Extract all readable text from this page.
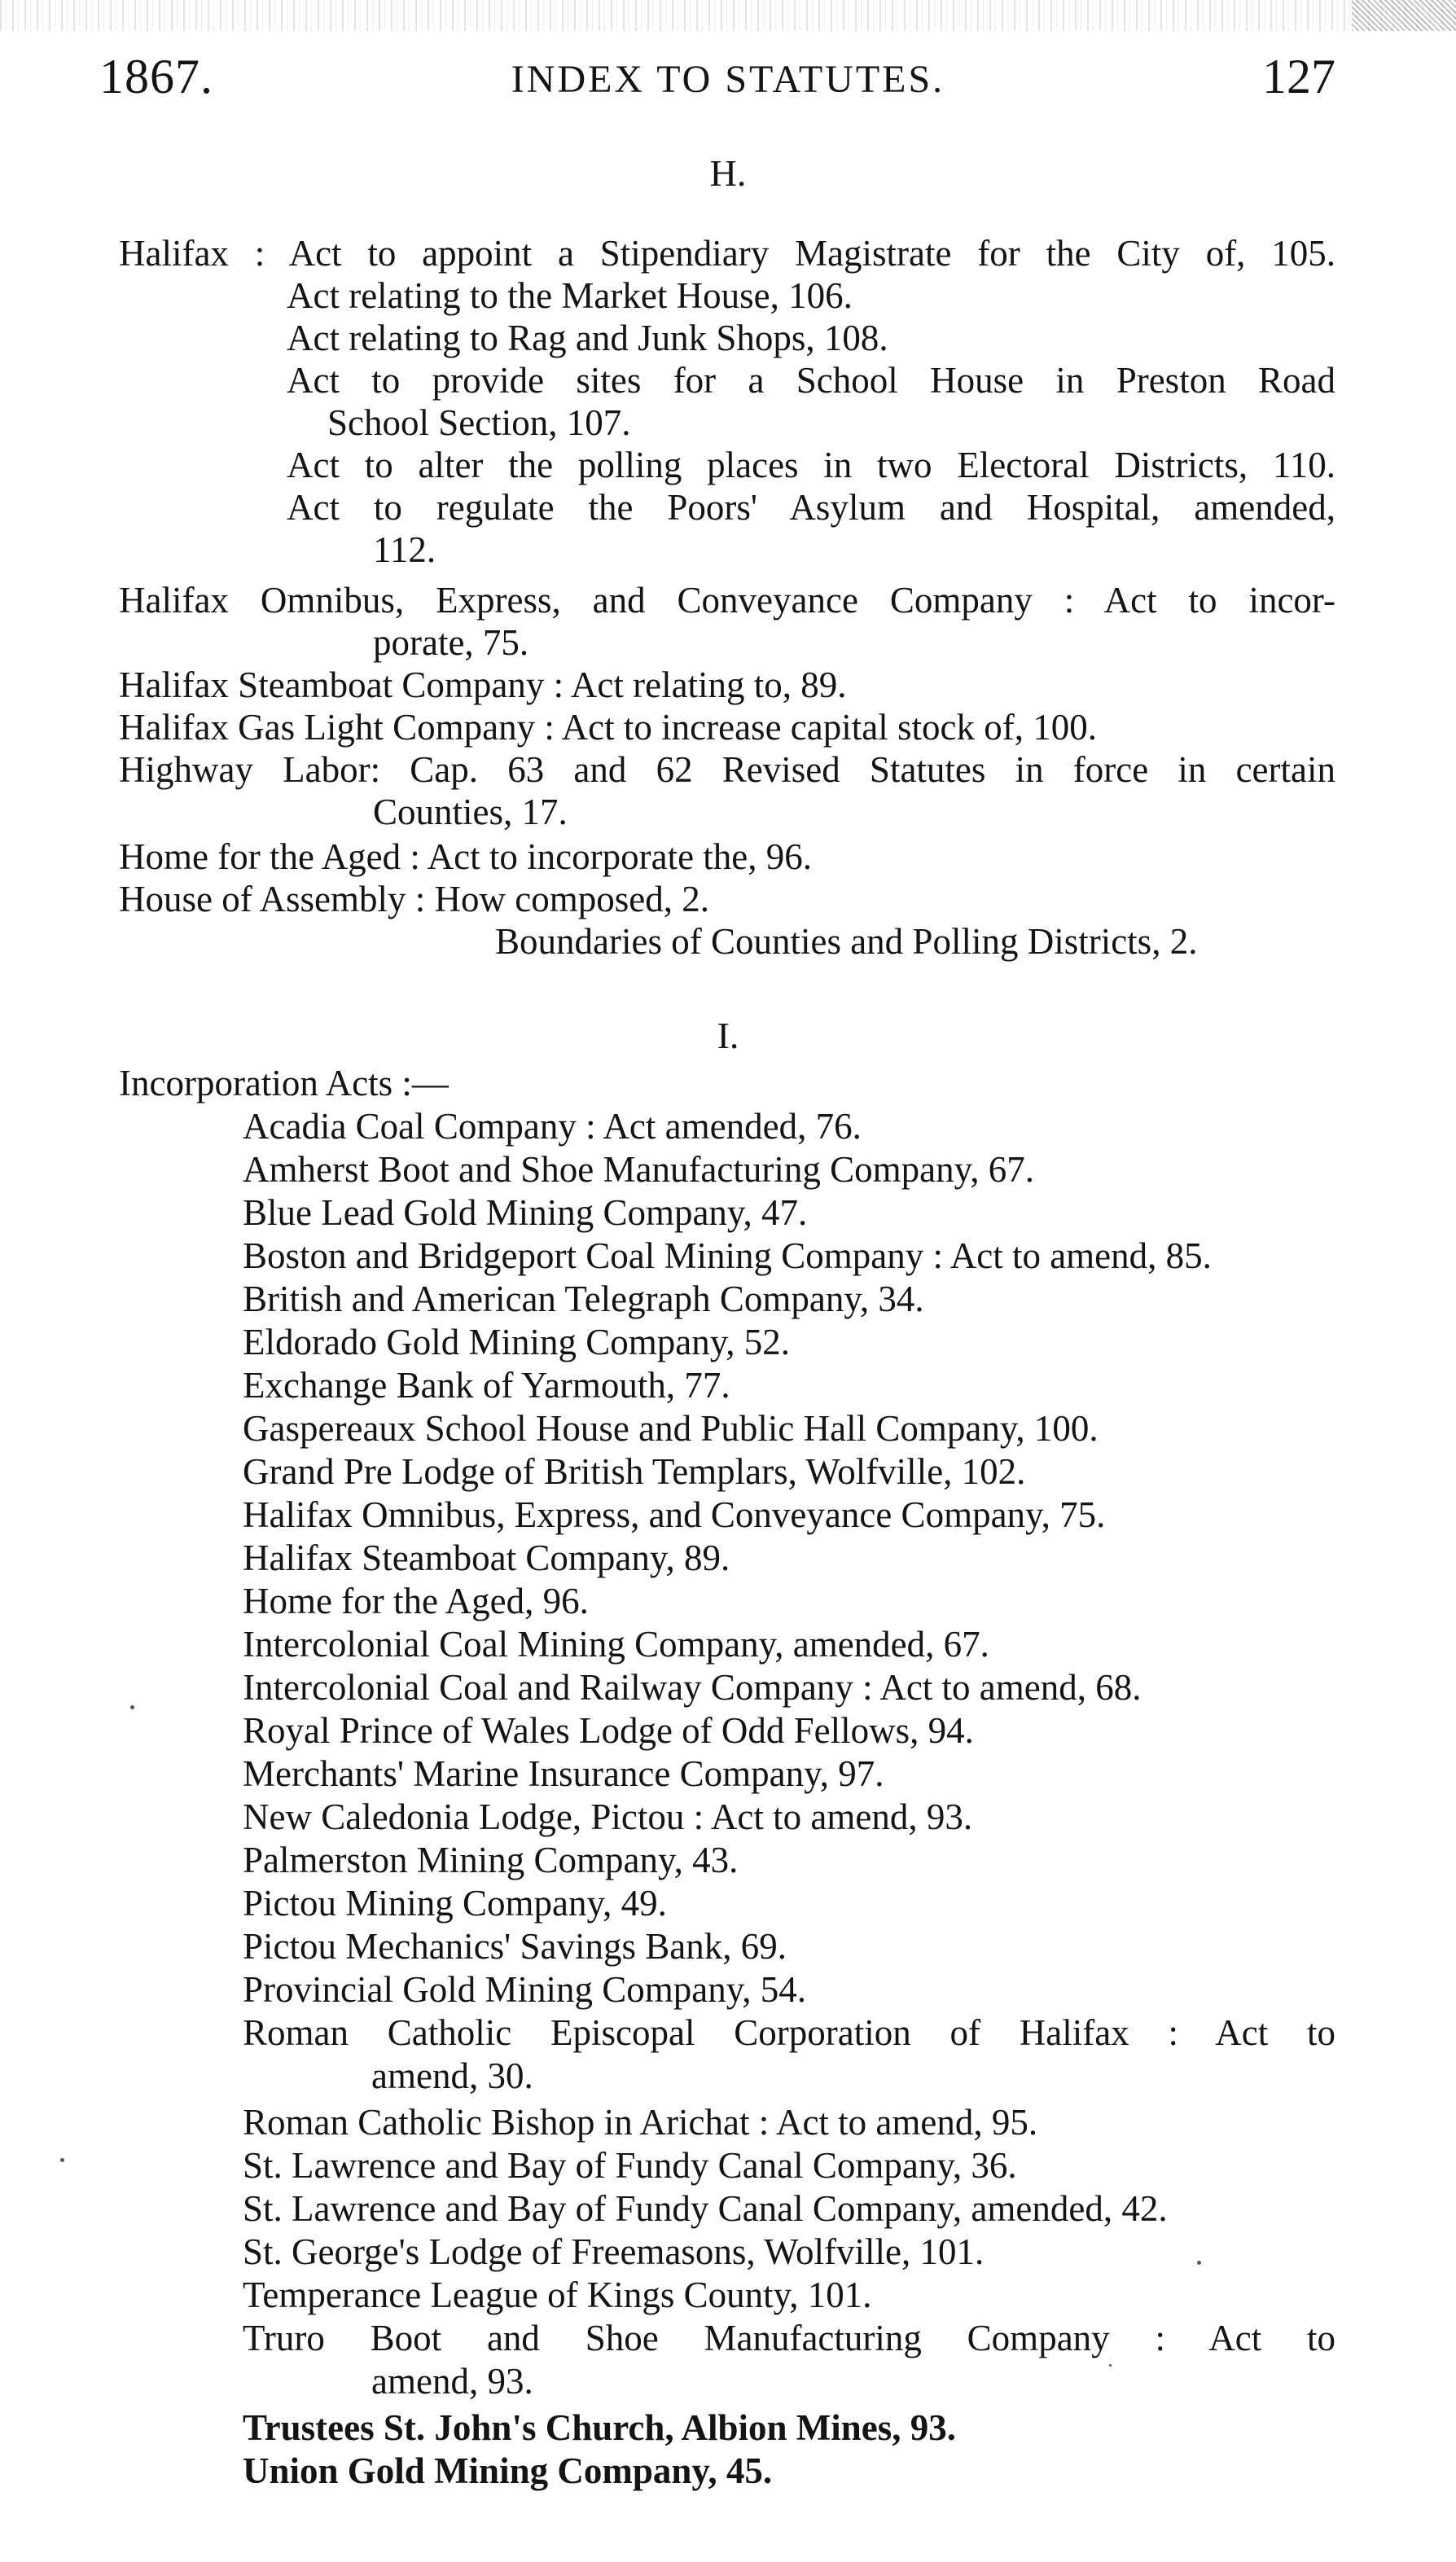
1867.	INDEX TO STATUTES.	127
H.
Halifax : Act to appoint a Stipendiary Magistrate for the City of, 105.
Act relating to the Market House, 106.
Act relating to Rag and Junk Shops, 108.
Act to provide sites for a School House in Preston Road
School Section, 107.
Act to alter the polling places in two Electoral Districts, 110.
Act to regulate the Poors' Asylum and Hospital, amended,
112.
Halifax Omnibus, Express, and Conveyance Company : Act to incor-
porate, 75.
Halifax Steamboat Company : Act relating to, 89.
Halifax Gas Light Company : Act to increase capital stock of, 100.
Highway Labor: Cap. 63 and 62 Revised Statutes in force in certain
Counties, 17.
Home for the Aged : Act to incorporate the, 96.
House of Assembly : How composed, 2.
Boundaries of Counties and Polling Districts, 2.
I.
Incorporation Acts :—
Acadia Coal Company : Act amended, 76.
Amherst Boot and Shoe Manufacturing Company, 67.
Blue Lead Gold Mining Company, 47.
Boston and Bridgeport Coal Mining Company : Act to amend, 85.
British and American Telegraph Company, 34.
Eldorado Gold Mining Company, 52.
Exchange Bank of Yarmouth, 77.
Gaspereaux School House and Public Hall Company, 100.
Grand Pre Lodge of British Templars, Wolfville, 102.
Halifax Omnibus, Express, and Conveyance Company, 75.
Halifax Steamboat Company, 89.
Home for the Aged, 96.
Intercolonial Coal Mining Company, amended, 67.
Intercolonial Coal and Railway Company : Act to amend, 68.
Royal Prince of Wales Lodge of Odd Fellows, 94.
Merchants' Marine Insurance Company, 97.
New Caledonia Lodge, Pictou : Act to amend, 93.
Palmerston Mining Company, 43.
Pictou Mining Company, 49.
Pictou Mechanics' Savings Bank, 69.
Provincial Gold Mining Company, 54.
Roman Catholic Episcopal Corporation of Halifax : Act to
amend, 30.
Roman Catholic Bishop in Arichat : Act to amend, 95.
St. Lawrence and Bay of Fundy Canal Company, 36.
St. Lawrence and Bay of Fundy Canal Company, amended, 42.
St. George's Lodge of Freemasons, Wolfville, 101.
Temperance League of Kings County, 101.
Truro Boot and Shoe Manufacturing Company : Act to
amend, 93.
Trustees St. John's Church, Albion Mines, 93.
Union Gold Mining Company, 45.
